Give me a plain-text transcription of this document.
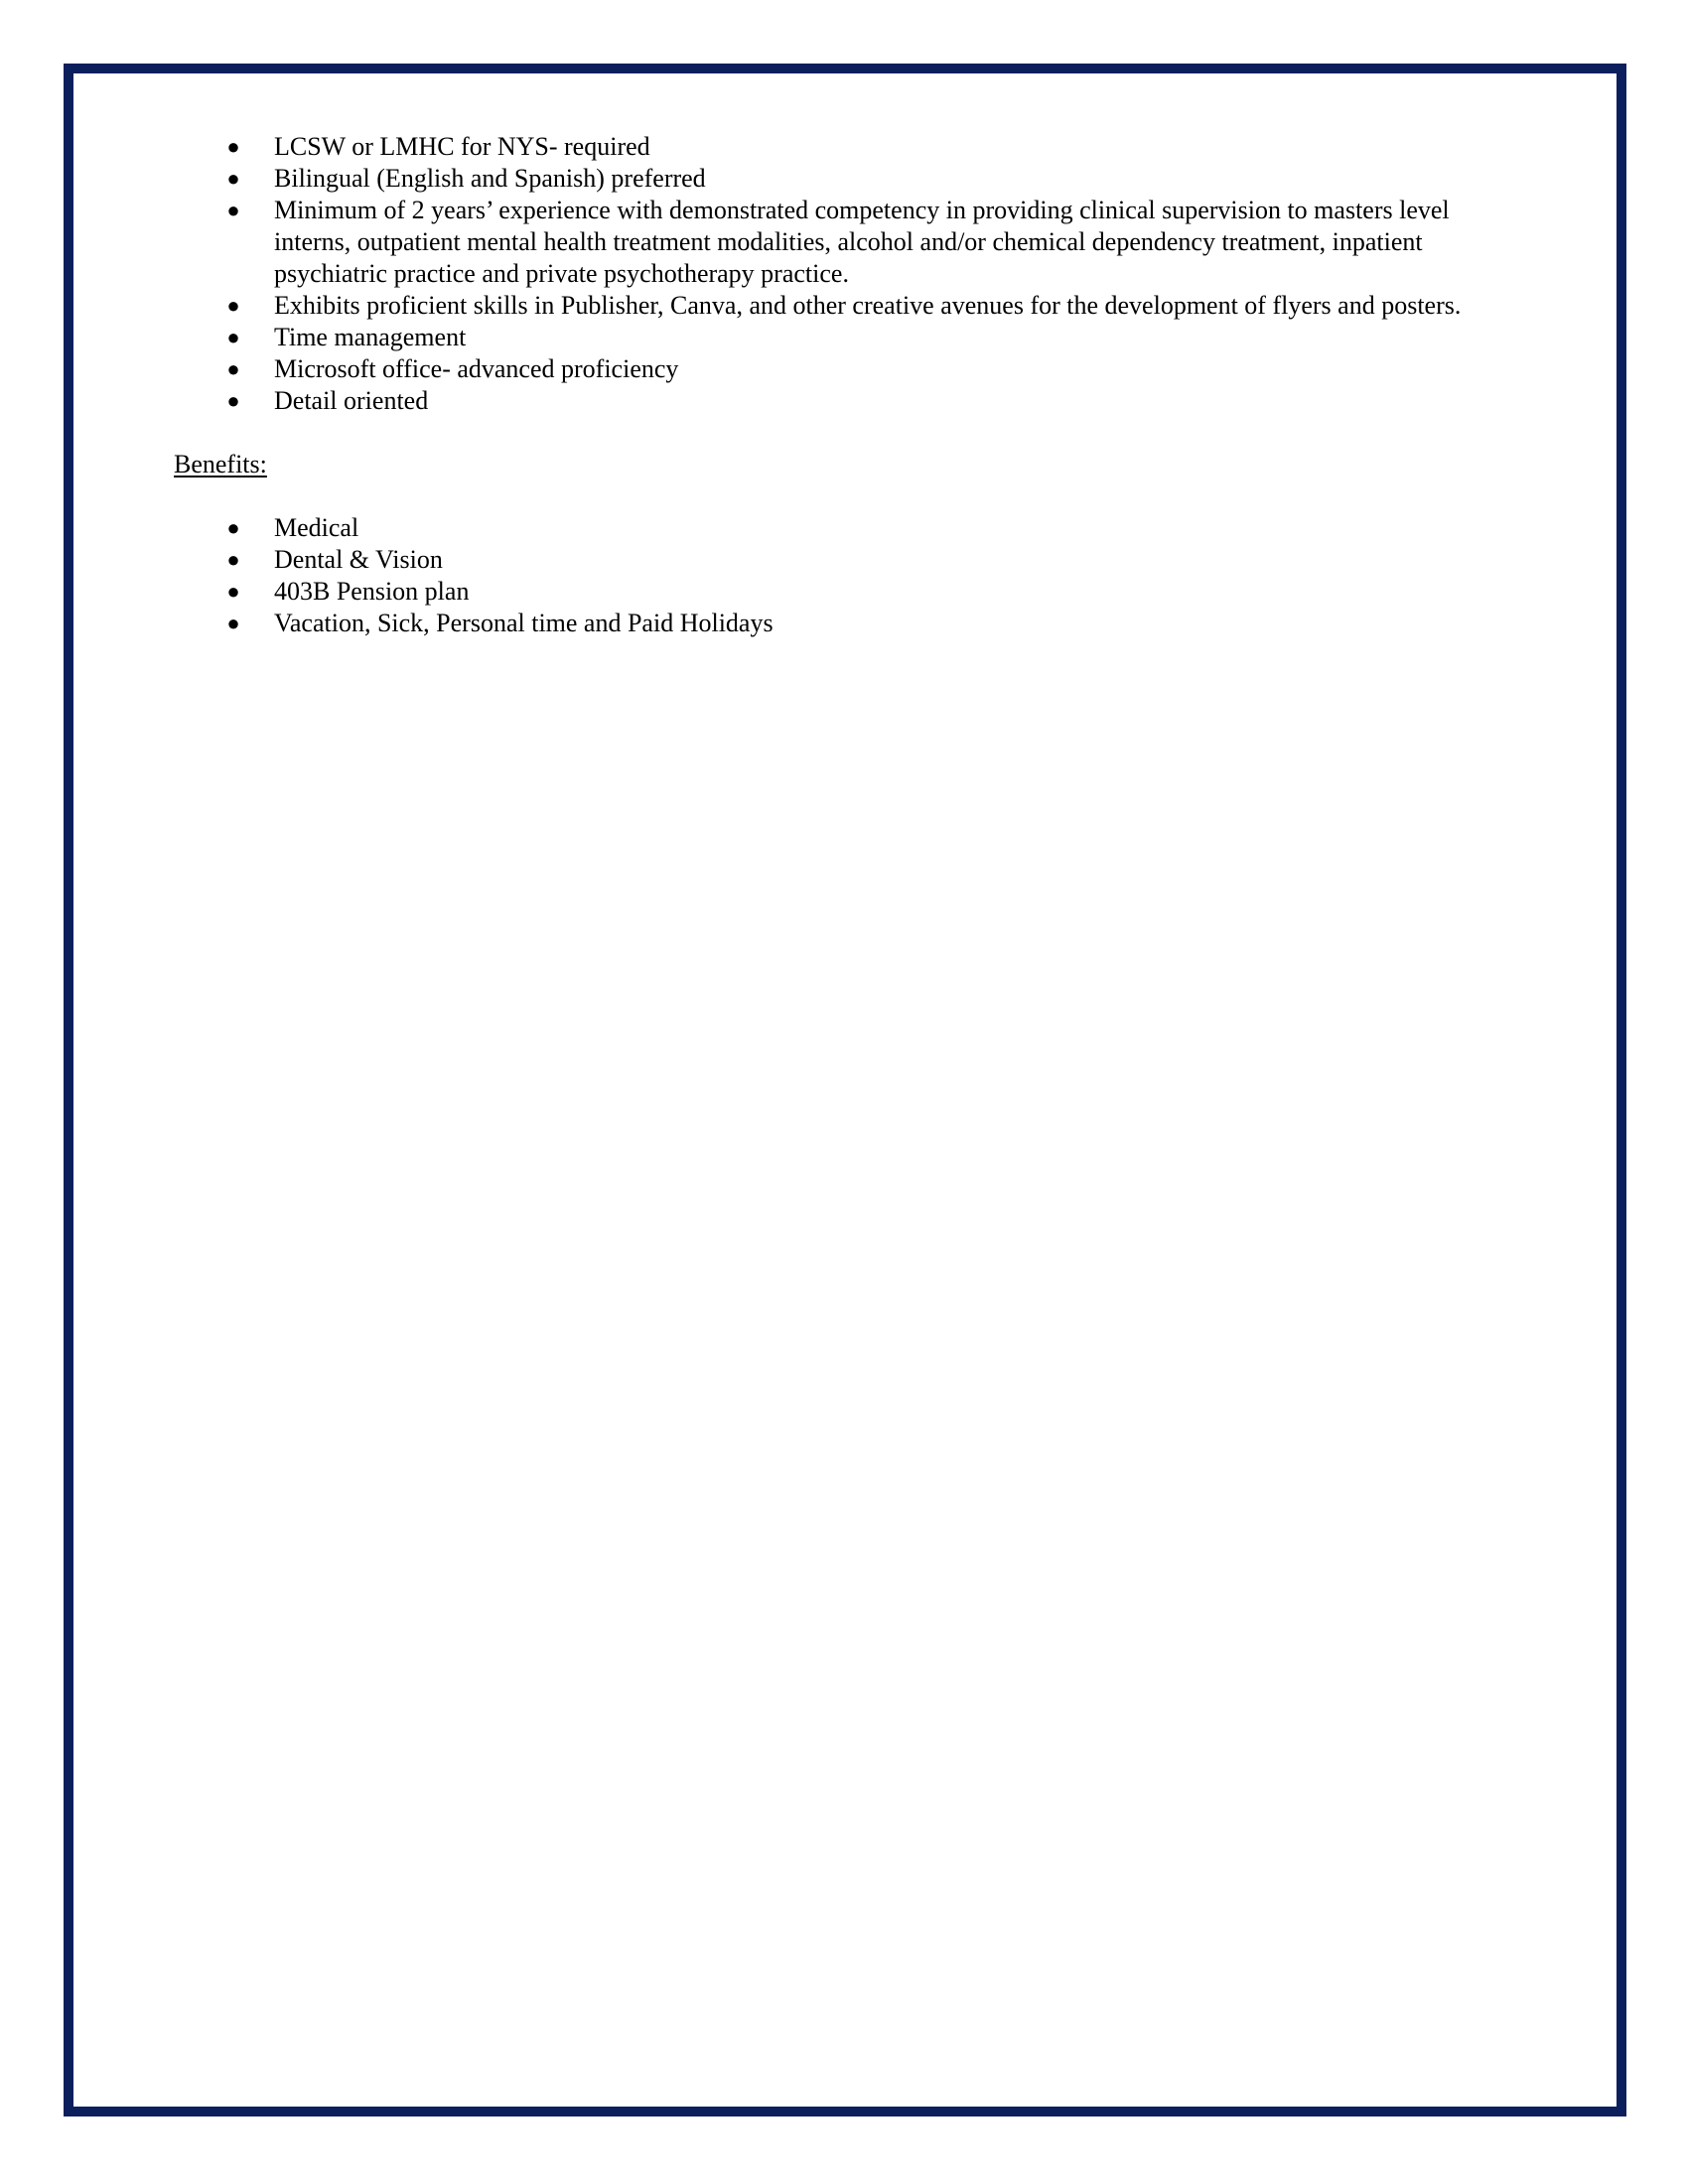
● LCSW or LMHC for NYS- required
● Bilingual (English and Spanish) preferred
● Minimum of 2 years’ experience with demonstrated competency in providing clinical supervision to masters level interns, outpatient mental health treatment modalities, alcohol and/or chemical dependency treatment, inpatient psychiatric practice and private psychotherapy practice.
● Exhibits proficient skills in Publisher, Canva, and other creative avenues for the development of flyers and posters.
● Time management
● Microsoft office- advanced proficiency
● Detail oriented
Benefits:
● Medical
● Dental & Vision
● 403B Pension plan
● Vacation, Sick, Personal time and Paid Holidays
